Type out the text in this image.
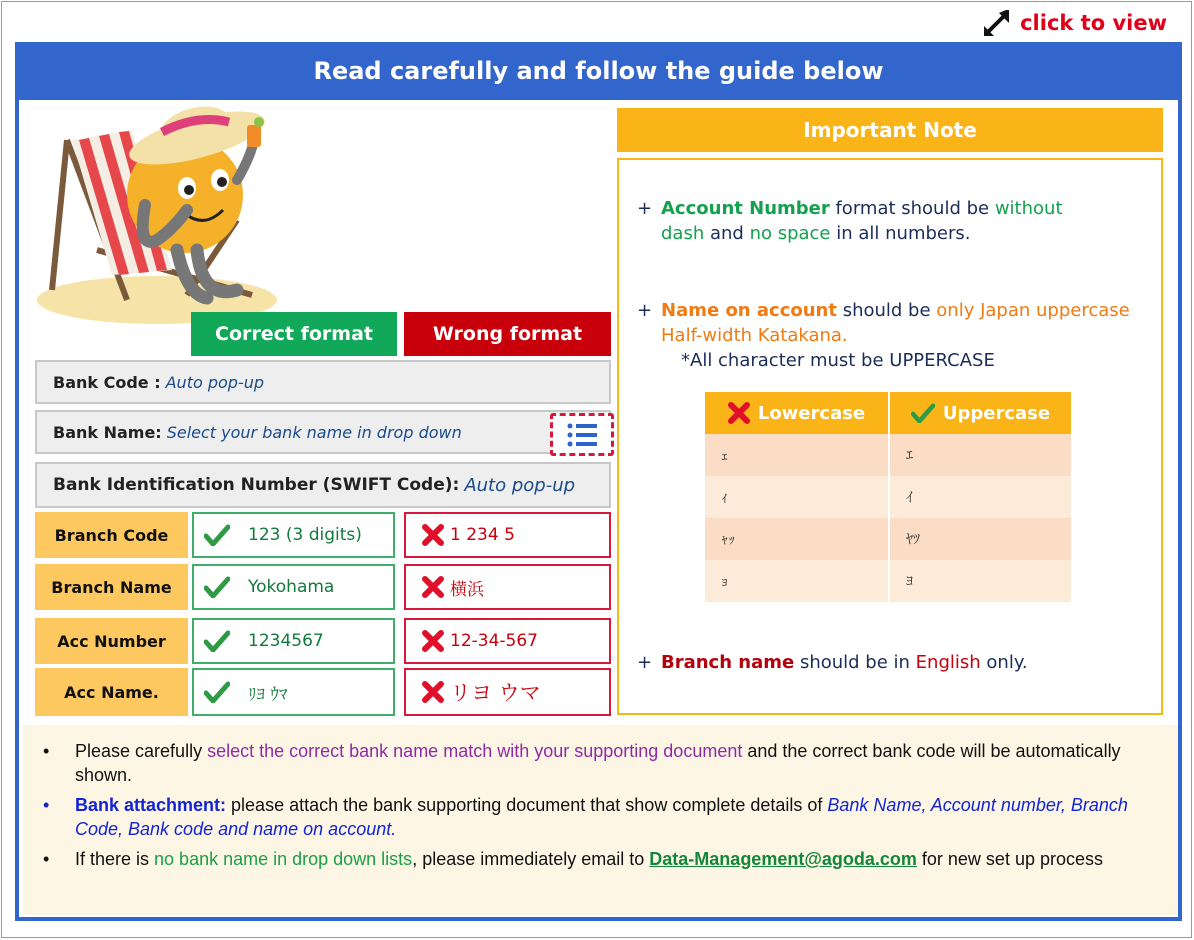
click to view
Read carefully and follow the guide below
Correct format	Wrong format
Bank Code : Auto pop-up
Bank Name: Select your bank name in drop down
Bank Identification Number (SWIFT Code): Auto pop-up
Branch Code	123 (3 digits)	1 234 5
Branch Name	Yokohama	横浜
Acc Number	1234567	12-34-567
Acc Name.	ﾘﾖ ｳﾏ	リヨ ウマ
Important Note
+ Account Number format should be without dash and no space in all numbers.
+ Name on account should be only Japan uppercase Half-width Katakana.
*All character must be UPPERCASE
Lowercase	Uppercase
ｪ	ｴ
ｨ	ｲ
ｬｯ	ﾔﾂ
ｮ	ﾖ
+ Branch name should be in English only.
• Please carefully select the correct bank name match with your supporting document and the correct bank code will be automatically shown.
• Bank attachment: please attach the bank supporting document that show complete details of Bank Name, Account number, Branch Code, Bank code and name on account.
• If there is no bank name in drop down lists, please immediately email to Data-Management@agoda.com for new set up process
